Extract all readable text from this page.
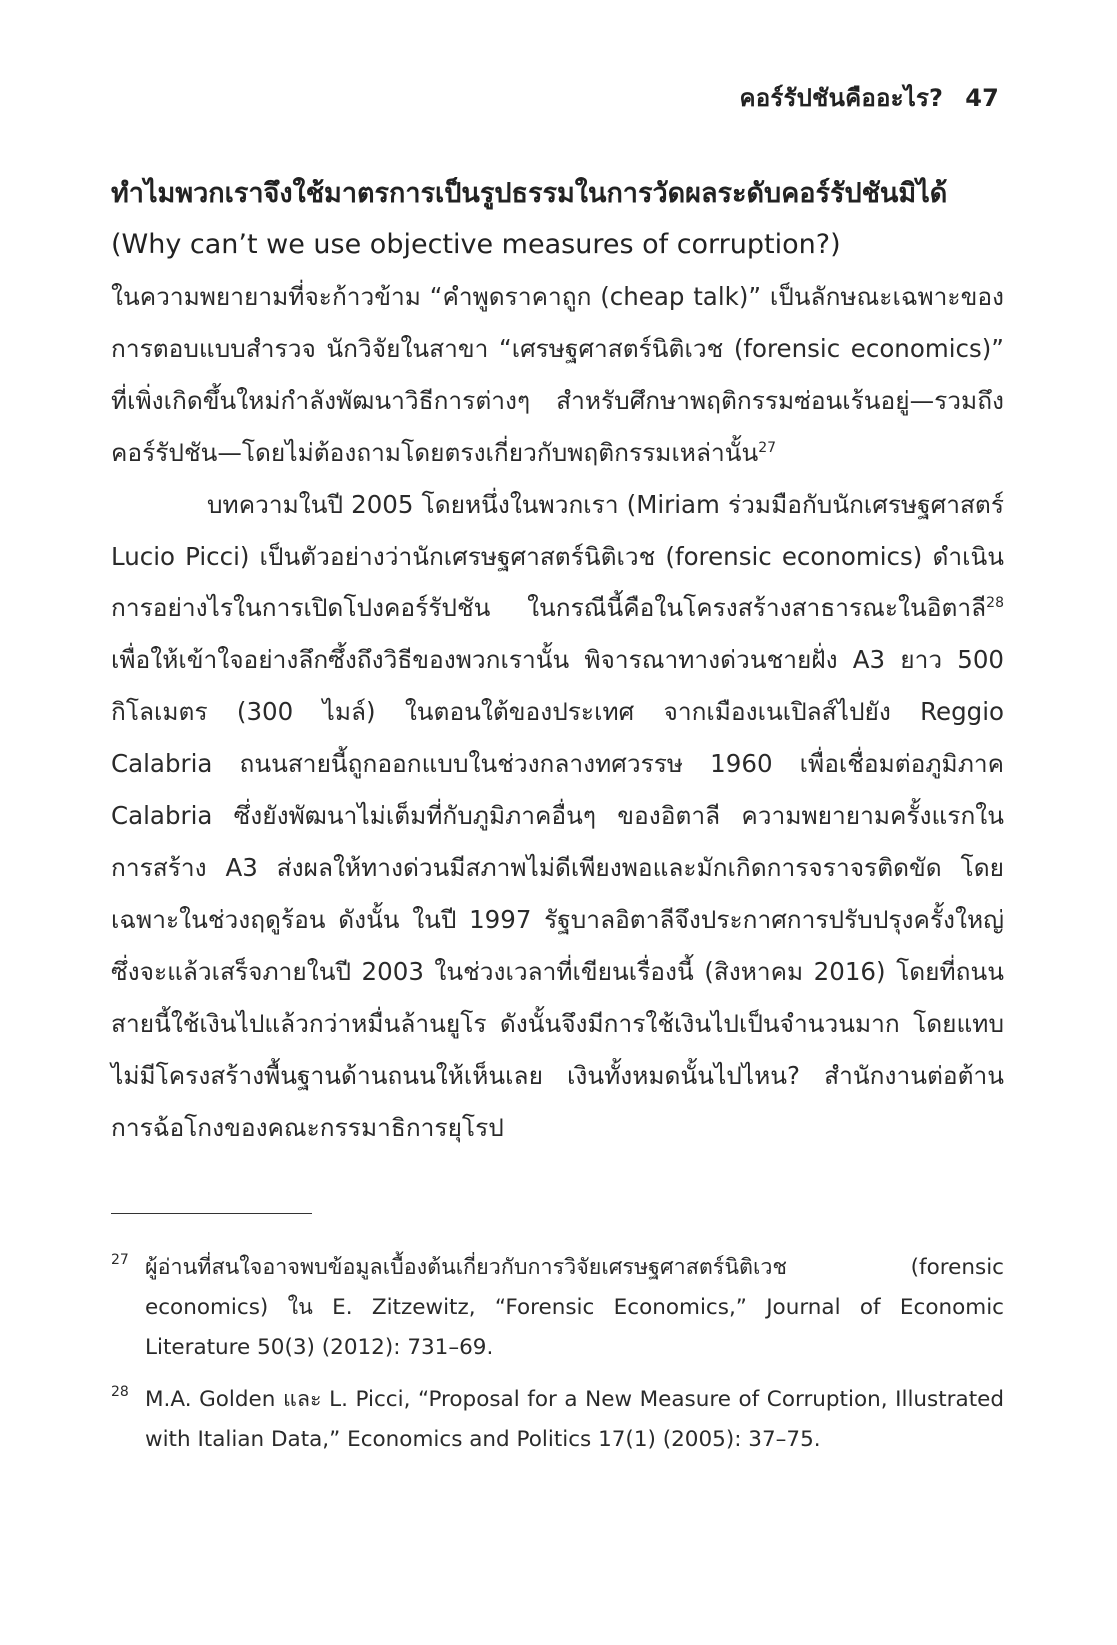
คอร์รัปชันคืออะไร? 47
ทำไมพวกเราจึงใช้มาตรการเป็นรูปธรรมในการวัดผลระดับคอร์รัปชันมิได้
(Why can’t we use objective measures of corruption?)

ในความพยายามที่จะก้าวข้าม “คำพูดราคาถูก (cheap talk)” เป็นลักษณะเฉพาะของการตอบแบบสำรวจ นักวิจัยในสาขา “เศรษฐศาสตร์นิติเวช (forensic economics)” ที่เพิ่งเกิดขึ้นใหม่กำลังพัฒนาวิธีการต่างๆ สำหรับศึกษาพฤติกรรมซ่อนเร้นอยู่—รวมถึงคอร์รัปชัน—โดยไม่ต้องถามโดยตรงเกี่ยวกับพฤติกรรมเหล่านั้น$^{27}$

บทความในปี 2005 โดยหนึ่งในพวกเรา (Miriam ร่วมมือกับนักเศรษฐศาสตร์ Lucio Picci) เป็นตัวอย่างว่านักเศรษฐศาสตร์นิติเวช (forensic economics) ดำเนินการอย่างไรในการเปิดโปงคอร์รัปชัน ในกรณีนี้คือในโครงสร้างสาธารณะในอิตาลี$^{28}$ เพื่อให้เข้าใจอย่างลึกซึ้งถึงวิธีของพวกเรานั้น พิจารณาทางด่วนชายฝั่ง A3 ยาว 500 กิโลเมตร (300 ไมล์) ในตอนใต้ของประเทศ จากเมืองเนเปิลส์ไปยัง Reggio Calabria ถนนสายนี้ถูกออกแบบในช่วงกลางทศวรรษ 1960 เพื่อเชื่อมต่อภูมิภาค Calabria ซึ่งยังพัฒนาไม่เต็มที่กับภูมิภาคอื่นๆ ของอิตาลี ความพยายามครั้งแรกในการสร้าง A3 ส่งผลให้ทางด่วนมีสภาพไม่ดีเพียงพอและมักเกิดการจราจรติดขัด โดยเฉพาะในช่วงฤดูร้อน ดังนั้น ในปี 1997 รัฐบาลอิตาลีจึงประกาศการปรับปรุงครั้งใหญ่ซึ่งจะแล้วเสร็จภายในปี 2003 ในช่วงเวลาที่เขียนเรื่องนี้ (สิงหาคม 2016) โดยที่ถนนสายนี้ใช้เงินไปแล้วกว่าหมื่นล้านยูโร ดังนั้นจึงมีการใช้เงินไปเป็นจำนวนมาก โดยแทบไม่มีโครงสร้างพื้นฐานด้านถนนให้เห็นเลย เงินทั้งหมดนั้นไปไหน? สำนักงานต่อต้านการฉ้อโกงของคณะกรรมาธิการยุโรป

27 ผู้อ่านที่สนใจอาจพบข้อมูลเบื้องต้นเกี่ยวกับการวิจัยเศรษฐศาสตร์นิติเวช (forensic economics) ใน E. Zitzewitz, “Forensic Economics,” Journal of Economic Literature 50(3) (2012): 731–69.
28 M.A. Golden และ L. Picci, “Proposal for a New Measure of Corruption, Illustrated with Italian Data,” Economics and Politics 17(1) (2005): 37–75.
